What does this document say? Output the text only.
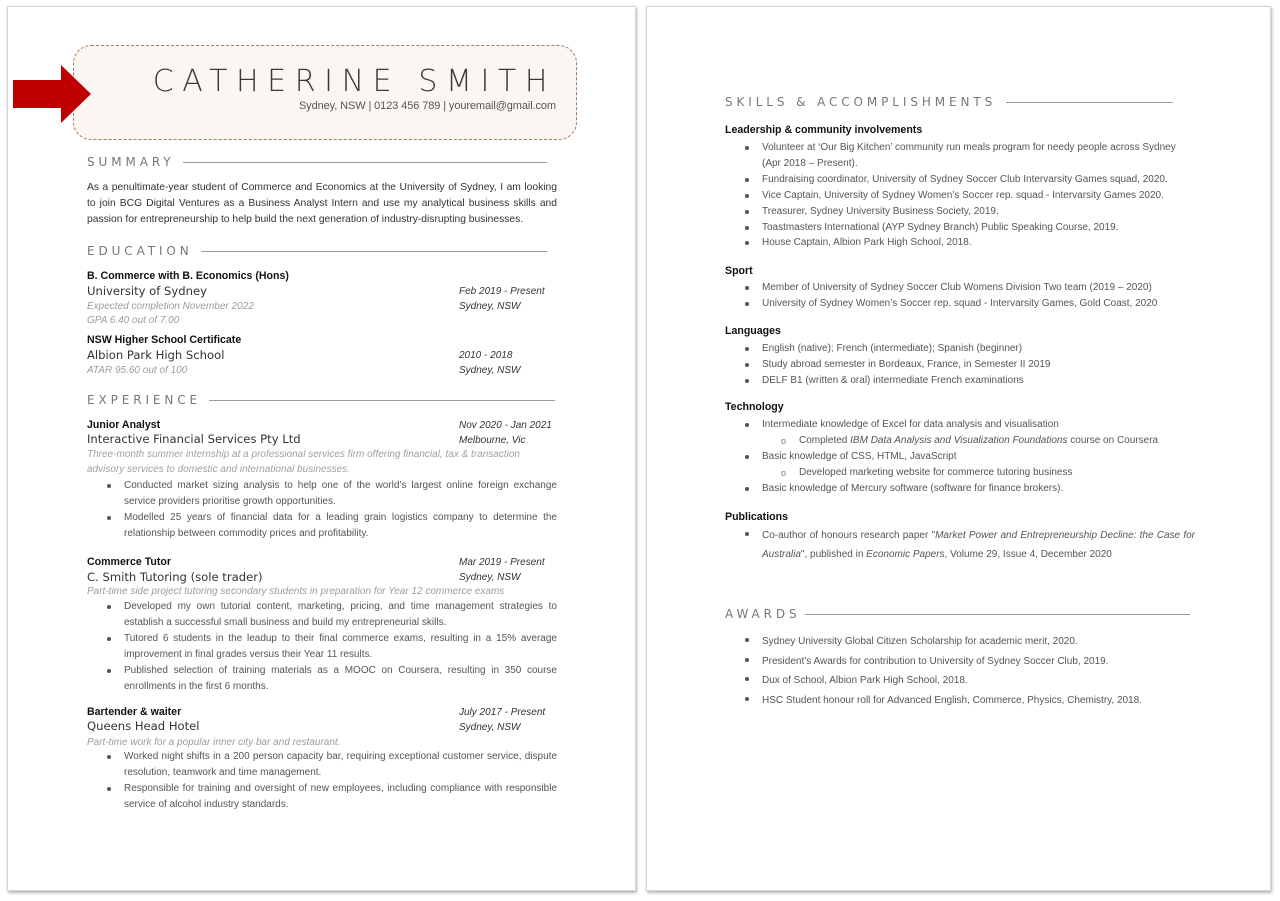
CATHERINE SMITH
Sydney, NSW | 0123 456 789 | youremail@gmail.com
SUMMARY
As a penultimate-year student of Commerce and Economics at the University of Sydney, I am looking to join BCG Digital Ventures as a Business Analyst Intern and use my analytical business skills and passion for entrepreneurship to help build the next generation of industry-disrupting businesses.
EDUCATION
B. Commerce with B. Economics (Hons)
University of Sydney	Feb 2019 - Present
Expected completion November 2022	Sydney, NSW
GPA 6.40 out of 7.00
NSW Higher School Certificate
Albion Park High School	2010 - 2018
ATAR 95.60 out of 100	Sydney, NSW
EXPERIENCE
Junior Analyst	Nov 2020 - Jan 2021
Interactive Financial Services Pty Ltd	Melbourne, Vic
Three-month summer internship at a professional services firm offering financial, tax & transaction advisory services to domestic and international businesses.
Conducted market sizing analysis to help one of the world’s largest online foreign exchange service providers prioritise growth opportunities.
Modelled 25 years of financial data for a leading grain logistics company to determine the relationship between commodity prices and profitability.
Commerce Tutor	Mar 2019 - Present
C. Smith Tutoring (sole trader)	Sydney, NSW
Part-time side project tutoring secondary students in preparation for Year 12 commerce exams
Developed my own tutorial content, marketing, pricing, and time management strategies to establish a successful small business and build my entrepreneurial skills.
Tutored 6 students in the leadup to their final commerce exams, resulting in a 15% average improvement in final grades versus their Year 11 results.
Published selection of training materials as a MOOC on Coursera, resulting in 350 course enrollments in the first 6 months.
Bartender & waiter	July 2017 - Present
Queens Head Hotel	Sydney, NSW
Part-time work for a popular inner city bar and restaurant.
Worked night shifts in a 200 person capacity bar, requiring exceptional customer service, dispute resolution, teamwork and time management.
Responsible for training and oversight of new employees, including compliance with responsible service of alcohol industry standards.
SKILLS & ACCOMPLISHMENTS
Leadership & community involvements
Volunteer at ‘Our Big Kitchen’ community run meals program for needy people across Sydney (Apr 2018 – Present).
Fundraising coordinator, University of Sydney Soccer Club Intervarsity Games squad, 2020.
Vice Captain, University of Sydney Women’s Soccer rep. squad - Intervarsity Games 2020.
Treasurer, Sydney University Business Society, 2019.
Toastmasters International (AYP Sydney Branch) Public Speaking Course, 2019.
House Captain, Albion Park High School, 2018.
Sport
Member of University of Sydney Soccer Club Womens Division Two team (2019 – 2020)
University of Sydney Women’s Soccer rep. squad - Intervarsity Games, Gold Coast, 2020
Languages
English (native); French (intermediate); Spanish (beginner)
Study abroad semester in Bordeaux, France, in Semester II 2019
DELF B1 (written & oral) intermediate French examinations
Technology
Intermediate knowledge of Excel for data analysis and visualisation
o Completed IBM Data Analysis and Visualization Foundations course on Coursera
Basic knowledge of CSS, HTML, JavaScript
o Developed marketing website for commerce tutoring business
Basic knowledge of Mercury software (software for finance brokers).
Publications
Co-author of honours research paper "Market Power and Entrepreneurship Decline: the Case for Australia", published in Economic Papers, Volume 29, Issue 4, December 2020
AWARDS
Sydney University Global Citizen Scholarship for academic merit, 2020.
President’s Awards for contribution to University of Sydney Soccer Club, 2019.
Dux of School, Albion Park High School, 2018.
HSC Student honour roll for Advanced English, Commerce, Physics, Chemistry, 2018.
